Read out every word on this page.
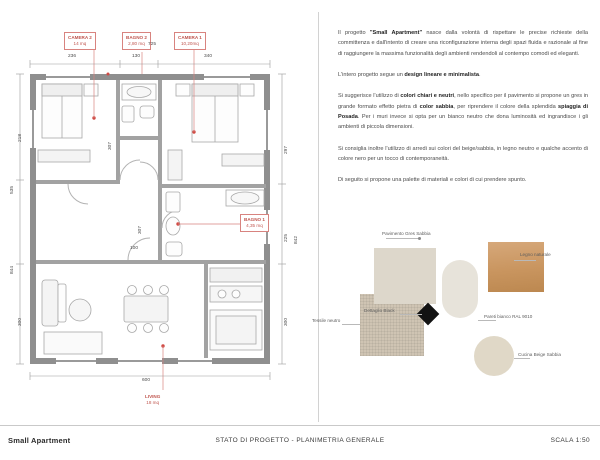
CAMERA 2
14 mq
BAGNO 2
2,80 mq
CAMERA 1
10,20mq
BAGNO 1
4,35 mq
LIVING
18 mq
236
725
130	340
218
535
844
300
307
307
100
297
225 842
300
600

Il progetto "Small Apartment" nasce dalla volontà di rispettare le precise richieste della committenza e dall'intento di creare una riconfigurazione interna degli spazi fluida e razionale al fine di raggiungere la massima funzionalità degli ambienti rendendoli al contempo comodi ed eleganti.

L'intero progetto segue un design lineare e minimalista.

Si suggerisce l'utilizzo di colori chiari e neutri, nello specifico per il pavimento si propone un gres in grande formato effetto pietra di color sabbia, per riprendere il colore della splendida spiaggia di Posada. Per i muri invece si opta per un bianco neutro che dona luminosità ed ingrandisce i gli ambienti di piccola dimensioni.

Si consiglia inoltre l'utilizzo di arredi sui colori del beige/sabbia, in legno neutro e qualche accento di colore nero per un tocco di contemporaneità.

Di seguito si propone una palette di materiali e colori di cui prendere spunto.

Pavimento Gres Sabbia
Legno naturale
Dettaglio Black
Tessile neutro
Pareti bianco RAL 9010
Cucina Beige Sabbia
Small Apartment	STATO DI PROGETTO - PLANIMETRIA GENERALE	SCALA 1:50
